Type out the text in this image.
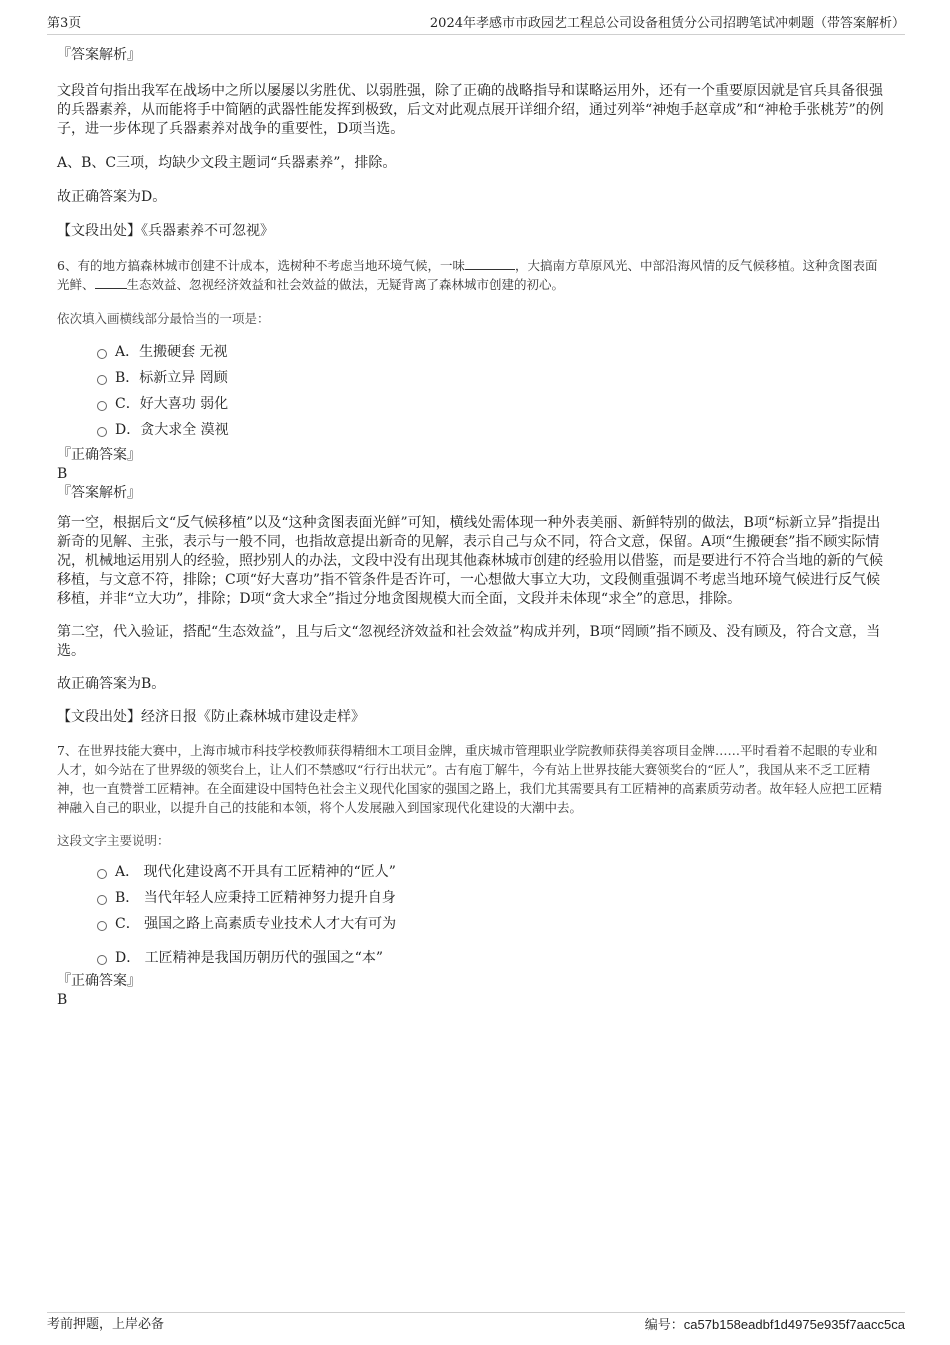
第3页	2024年孝感市市政园艺工程总公司设备租赁分公司招聘笔试冲刺题（带答案解析）

『答案解析』

文段首句指出我军在战场中之所以屡屡以劣胜优、以弱胜强，除了正确的战略指导和谋略运用外，还有一个重要原因就是官兵具备很强的兵器素养，从而能将手中简陋的武器性能发挥到极致，后文对此观点展开详细介绍，通过列举“神炮手赵章成”和“神枪手张桃芳”的例子，进一步体现了兵器素养对战争的重要性，D项当选。

A、B、C三项，均缺少文段主题词“兵器素养”，排除。

故正确答案为D。

【文段出处】《兵器素养不可忽视》

6、有的地方搞森林城市创建不计成本，选树种不考虑当地环境气候，一味	，大搞南方草原风光、中部沿海风情的反气候移植。这种贪图表面光鲜、	生态效益、忽视经济效益和社会效益的做法，无疑背离了森林城市创建的初心。

依次填入画横线部分最恰当的一项是：

A．生搬硬套 无视
B．标新立异 罔顾
C．好大喜功 弱化
D．贪大求全 漠视

『正确答案』

B

『答案解析』

第一空，根据后文“反气候移植”以及“这种贪图表面光鲜”可知，横线处需体现一种外表美丽、新鲜特别的做法，B项“标新立异”指提出新奇的见解、主张，表示与一般不同，也指故意提出新奇的见解，表示自己与众不同，符合文意，保留。A项“生搬硬套”指不顾实际情况，机械地运用别人的经验，照抄别人的办法，文段中没有出现其他森林城市创建的经验用以借鉴，而是要进行不符合当地的新的气候移植，与文意不符，排除；C项“好大喜功”指不管条件是否许可，一心想做大事立大功，文段侧重强调不考虑当地环境气候进行反气候移植，并非“立大功”，排除；D项“贪大求全”指过分地贪图规模大而全面，文段并未体现“求全”的意思，排除。

第二空，代入验证，搭配“生态效益”，且与后文“忽视经济效益和社会效益”构成并列，B项“罔顾”指不顾及、没有顾及，符合文意，当选。

故正确答案为B。

【文段出处】经济日报《防止森林城市建设走样》

7、在世界技能大赛中，上海市城市科技学校教师获得精细木工项目金牌，重庆城市管理职业学院教师获得美容项目金牌……平时看着不起眼的专业和人才，如今站在了世界级的领奖台上，让人们不禁感叹“行行出状元”。古有庖丁解牛，今有站上世界技能大赛领奖台的“匠人”，我国从来不乏工匠精神，也一直赞誉工匠精神。在全面建设中国特色社会主义现代化国家的强国之路上，我们尤其需要具有工匠精神的高素质劳动者。故年轻人应把工匠精神融入自己的职业，以提升自己的技能和本领，将个人发展融入到国家现代化建设的大潮中去。

这段文字主要说明：

A． 现代化建设离不开具有工匠精神的“匠人”
B． 当代年轻人应秉持工匠精神努力提升自身
C． 强国之路上高素质专业技术人才大有可为
D． 工匠精神是我国历朝历代的强国之“本”

『正确答案』

B

考前押题，上岸必备	编号：ca57b158eadbf1d4975e935f7aacc5ca
